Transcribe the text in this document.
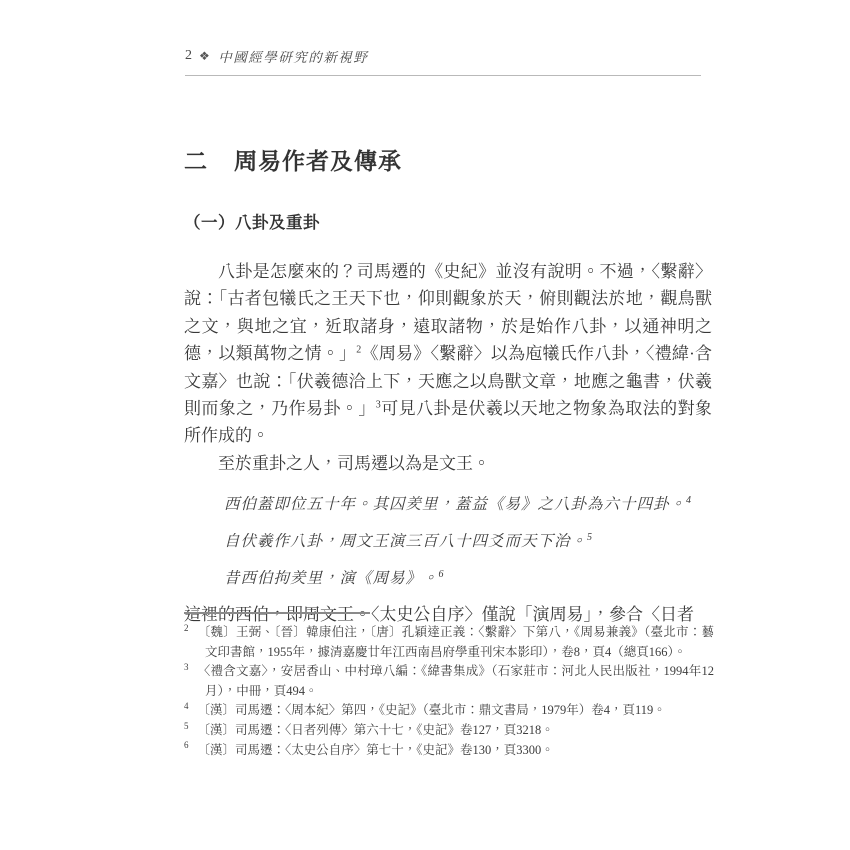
2 ❖ 中國經學研究的新視野
二 周易作者及傳承
（一）八卦及重卦

八卦是怎麼來的？司馬遷的《史紀》並沒有說明。不過，〈繫辭〉說：「古者包犧氏之王天下也，仰則觀象於天，俯則觀法於地，觀鳥獸之文，與地之宜，近取諸身，遠取諸物，於是始作八卦，以通神明之德，以類萬物之情。」$^2$《周易》〈繫辭〉以為庖犧氏作八卦，〈禮緯·含文嘉〉也說：「伏羲德洽上下，天應之以鳥獸文章，地應之龜書，伏羲則而象之，乃作易卦。」$^3$可見八卦是伏羲以天地之物象為取法的對象所作成的。

至於重卦之人，司馬遷以為是文王。

西伯蓋即位五十年。其囚羑里，蓋益《易》之八卦為六十四卦。$^4$
自伏羲作八卦，周文王演三百八十四爻而天下治。$^5$
昔西伯拘羑里，演《周易》。$^6$

這裡的西伯，即周文王。〈太史公自序〉僅說「演周易」，參合〈日者

$^2$ 〔魏〕王弼、〔晉〕韓康伯注，〔唐〕孔穎達正義：〈繫辭〉下第八，《周易兼義》（臺北市：藝文印書館，1955年，據清嘉慶廿年江西南昌府學重刊宋本影印），卷8，頁4（總頁166）。
$^3$ 〈禮含文嘉〉，安居香山、中村璋八編：《緯書集成》（石家莊市：河北人民出版社，1994年12月），中冊，頁494。
$^4$ 〔漢〕司馬遷：〈周本紀〉第四，《史記》（臺北市：鼎文書局，1979年）卷4，頁119。
$^5$ 〔漢〕司馬遷：〈日者列傳〉第六十七，《史記》卷127，頁3218。
$^6$ 〔漢〕司馬遷：〈太史公自序〉第七十，《史記》卷130，頁3300。
